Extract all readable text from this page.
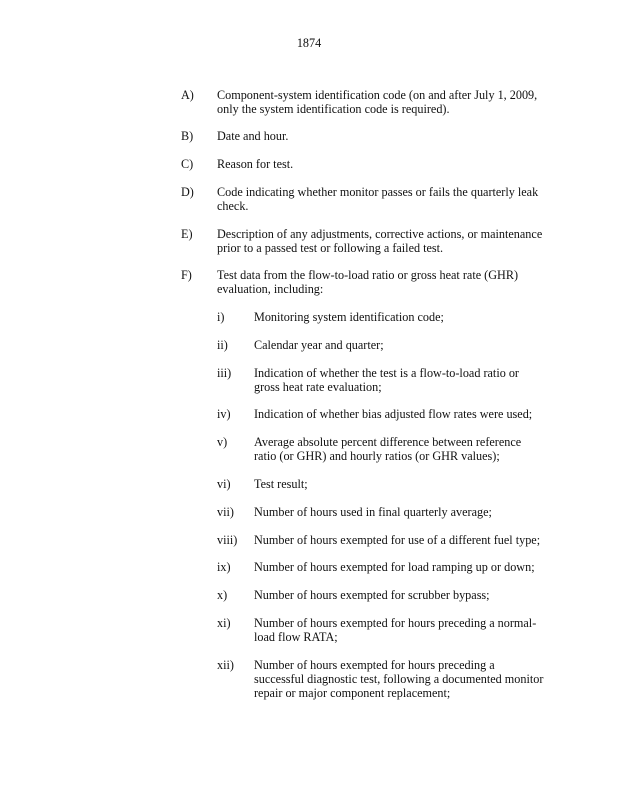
1874
A)	Component-system identification code (on and after July 1, 2009, only the system identification code is required).
B)	Date and hour.
C)	Reason for test.
D)	Code indicating whether monitor passes or fails the quarterly leak check.
E)	Description of any adjustments, corrective actions, or maintenance prior to a passed test or following a failed test.
F)	Test data from the flow-to-load ratio or gross heat rate (GHR) evaluation, including:
i)	Monitoring system identification code;
ii)	Calendar year and quarter;
iii)	Indication of whether the test is a flow-to-load ratio or gross heat rate evaluation;
iv)	Indication of whether bias adjusted flow rates were used;
v)	Average absolute percent difference between reference ratio (or GHR) and hourly ratios (or GHR values);
vi)	Test result;
vii)	Number of hours used in final quarterly average;
viii)	Number of hours exempted for use of a different fuel type;
ix)	Number of hours exempted for load ramping up or down;
x)	Number of hours exempted for scrubber bypass;
xi)	Number of hours exempted for hours preceding a normal-load flow RATA;
xii)	Number of hours exempted for hours preceding a successful diagnostic test, following a documented monitor repair or major component replacement;
